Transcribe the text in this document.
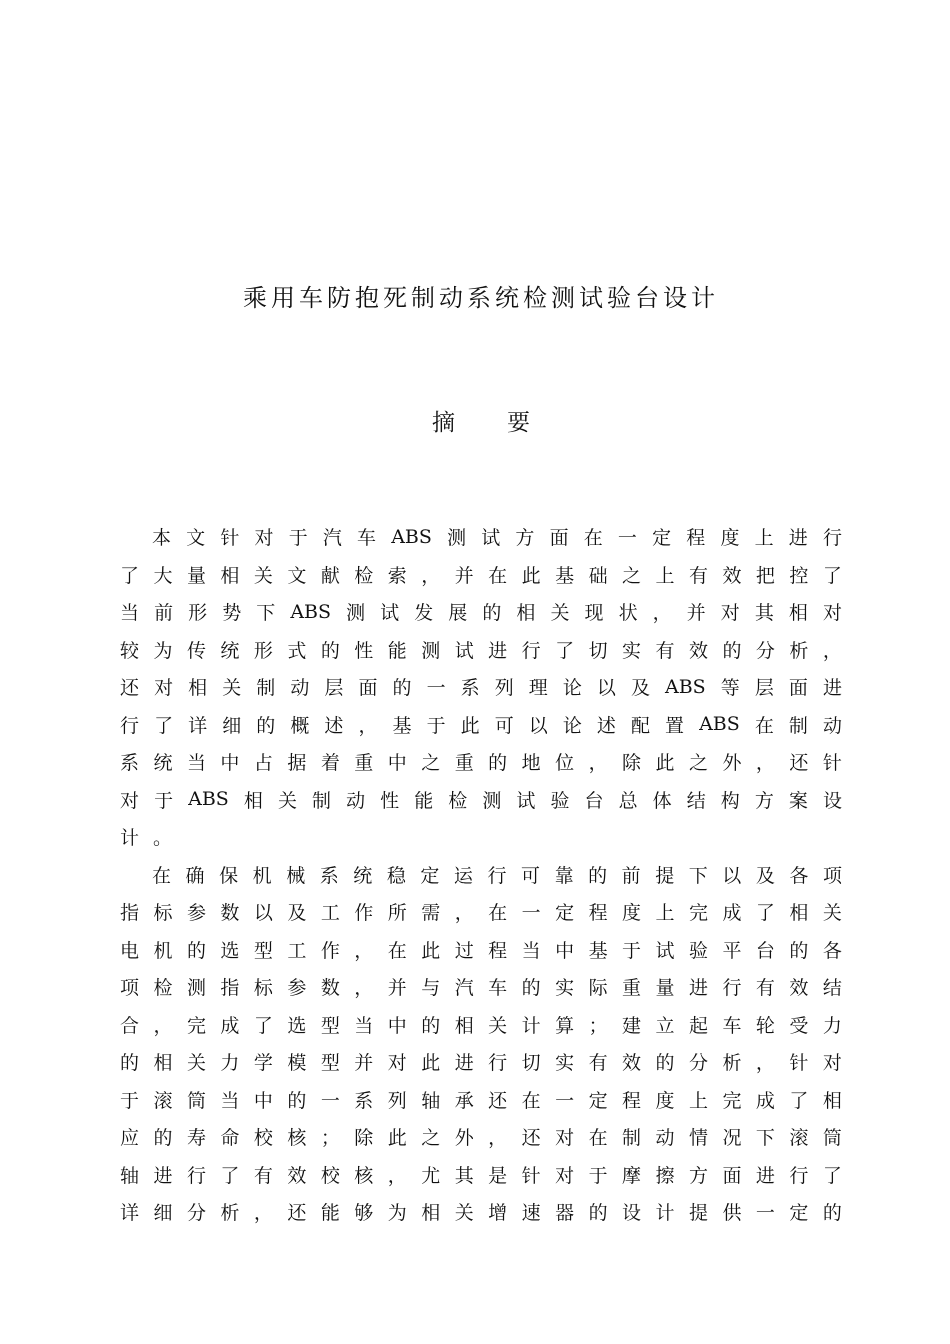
乘用车防抱死制动系统检测试验台设计
摘 要
本 文 针 对 于 汽 车 ABS 测 试 方 面 在 一 定 程 度 上 进 行
了 大 量 相 关 文 献 检 索 ， 并 在 此 基 础 之 上 有 效 把 控 了
当 前 形 势 下 ABS 测 试 发 展 的 相 关 现 状 ， 并 对 其 相 对
较 为 传 统 形 式 的 性 能 测 试 进 行 了 切 实 有 效 的 分 析 ，
还 对 相 关 制 动 层 面 的 一 系 列 理 论 以 及 ABS 等 层 面 进
行 了 详 细 的 概 述 ， 基 于 此 可 以 论 述 配 置 ABS 在 制 动
系 统 当 中 占 据 着 重 中 之 重 的 地 位 ， 除 此 之 外 ， 还 针
对 于 ABS 相 关 制 动 性 能 检 测 试 验 台 总 体 结 构 方 案 设
计 。
在 确 保 机 械 系 统 稳 定 运 行 可 靠 的 前 提 下 以 及 各 项
指 标 参 数 以 及 工 作 所 需 ， 在 一 定 程 度 上 完 成 了 相 关
电 机 的 选 型 工 作 ， 在 此 过 程 当 中 基 于 试 验 平 台 的 各
项 检 测 指 标 参 数 ， 并 与 汽 车 的 实 际 重 量 进 行 有 效 结
合 ， 完 成 了 选 型 当 中 的 相 关 计 算 ； 建 立 起 车 轮 受 力
的 相 关 力 学 模 型 并 对 此 进 行 切 实 有 效 的 分 析 ， 针 对
于 滚 筒 当 中 的 一 系 列 轴 承 还 在 一 定 程 度 上 完 成 了 相
应 的 寿 命 校 核 ； 除 此 之 外 ， 还 对 在 制 动 情 况 下 滚 筒
轴 进 行 了 有 效 校 核 ， 尤 其 是 针 对 于 摩 擦 方 面 进 行 了
详 细 分 析 ， 还 能 够 为 相 关 增 速 器 的 设 计 提 供 一 定 的
